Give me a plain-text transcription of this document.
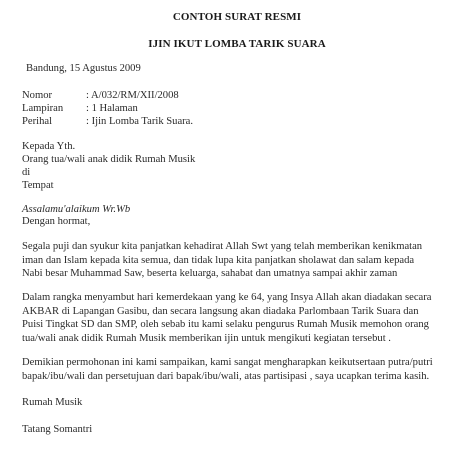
CONTOH SURAT RESMI
IJIN IKUT LOMBA TARIK SUARA
Bandung, 15 Agustus 2009
Nomor	: A/032/RM/XII/2008
Lampiran : 1 Halaman
Perihal	: Ijin Lomba Tarik Suara.
Kepada Yth.
Orang tua/wali anak didik Rumah Musik
di
Tempat
Assalamu'alaikum Wr.Wb
Dengan hormat,
Segala puji dan syukur kita panjatkan kehadirat Allah Swt yang telah memberikan kenikmatan
iman dan Islam kepada kita semua, dan tidak lupa kita panjatkan sholawat dan salam kepada
Nabi besar Muhammad Saw, beserta keluarga, sahabat dan umatnya sampai akhir zaman
Dalam rangka menyambut hari kemerdekaan yang ke 64, yang Insya Allah akan diadakan secara
AKBAR di Lapangan Gasibu, dan secara langsung akan diadaka Parlombaan Tarik Suara dan
Puisi Tingkat SD dan SMP, oleh sebab itu kami selaku pengurus Rumah Musik memohon orang
tua/wali anak didik Rumah Musik memberikan ijin untuk mengikuti kegiatan tersebut .
Demikian permohonan ini kami sampaikan, kami sangat mengharapkan keikutsertaan putra/putri
bapak/ibu/wali dan persetujuan dari bapak/ibu/wali, atas partisipasi , saya ucapkan terima kasih.
Rumah Musik
Tatang Somantri
